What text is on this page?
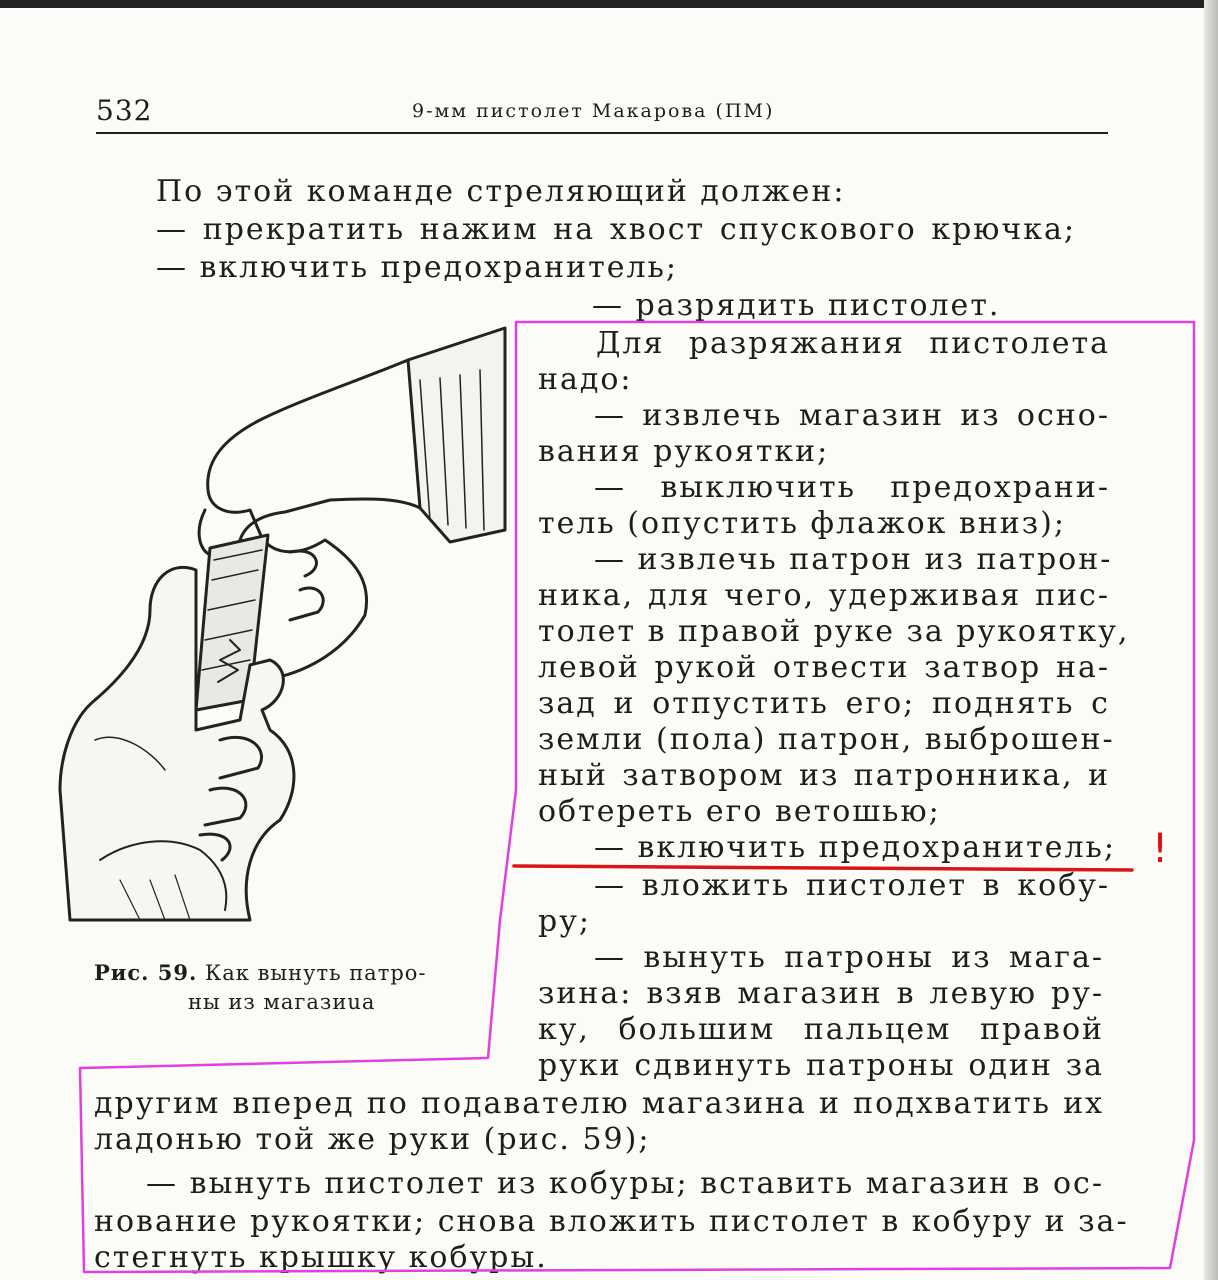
532	9-мм пистолет Макарова (ПМ)
По этой команде стреляющий должен:
— прекратить нажим на хвост спускового крючка;
— включить предохранитель;
— разрядить пистолет.
Для разряжания пистолета
надо:
— извлечь магазин из осно-
вания рукоятки;
— выключить предохрани-
тель (опустить флажок вниз);
— извлечь патрон из патрон-
ника, для чего, удерживая пис-
толет в правой руке за рукоятку,
левой рукой отвести затвор на-
зад и отпустить его; поднять с
земли (пола) патрон, выброшен-
ный затвором из патронника, и
обтереть его ветошью;
— включить предохранитель;
— вложить пистолет в кобу-
ру;
— вынуть патроны из мага-
зина: взяв магазин в левую ру-
ку, большим пальцем правой
руки сдвинуть патроны один за
другим вперед по подавателю магазина и подхватить их
ладонью той же руки (рис. 59);
— вынуть пистолет из кобуры; вставить магазин в ос-
нование рукоятки; снова вложить пистолет в кобуру и за-
стегнуть крышку кобуры.
Рис. 59. Как вынуть патро-
ны из магазиuа
!
